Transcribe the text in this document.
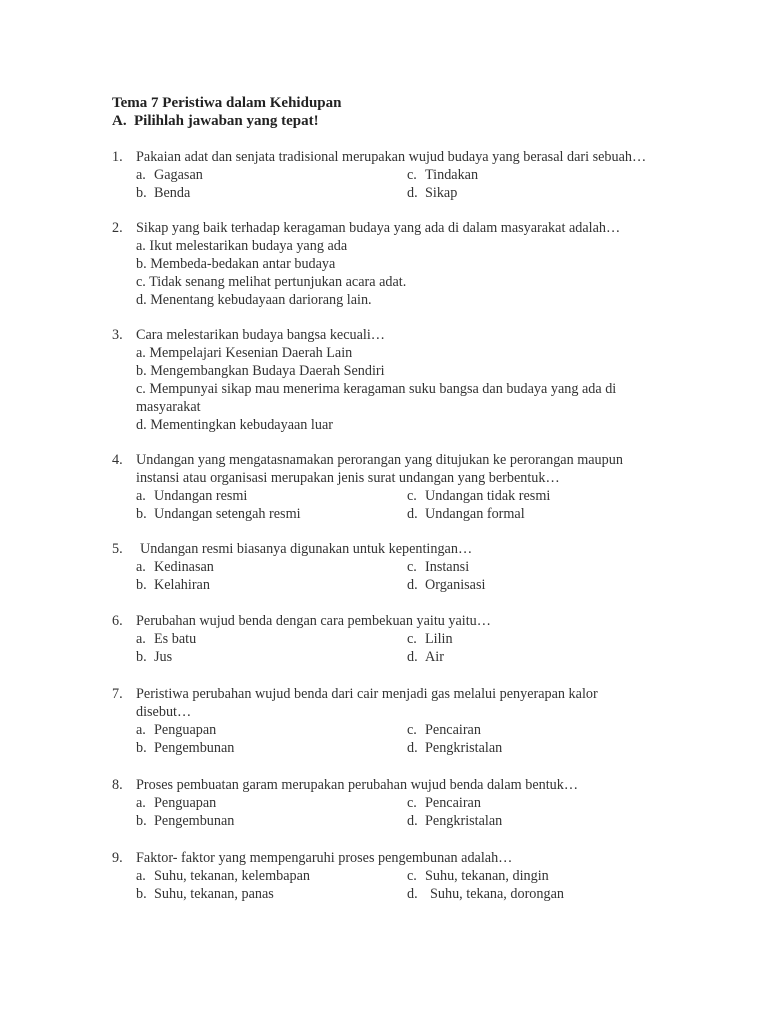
Tema 7 Peristiwa dalam Kehidupan
A. Pilihlah jawaban yang tepat!
1. Pakaian adat dan senjata tradisional merupakan wujud budaya yang berasal dari sebuah…
a. Gagasan
b. Benda
c. Tindakan
d. Sikap
2. Sikap yang baik terhadap keragaman budaya yang ada di dalam masyarakat adalah…
a. Ikut melestarikan budaya yang ada
b. Membeda-bedakan antar budaya
c. Tidak senang melihat pertunjukan acara adat.
d. Menentang kebudayaan dariorang lain.
3. Cara melestarikan budaya bangsa kecuali…
a. Mempelajari Kesenian Daerah Lain
b. Mengembangkan Budaya Daerah Sendiri
c. Mempunyai sikap mau menerima keragaman suku bangsa dan budaya yang ada di masyarakat
d. Mementingkan kebudayaan luar
4. Undangan yang mengatasnamakan perorangan yang ditujukan ke perorangan maupun
instansi atau organisasi merupakan jenis surat undangan yang berbentuk…
a. Undangan resmi
b. Undangan setengah resmi
c. Undangan tidak resmi
d. Undangan formal
5. Undangan resmi biasanya digunakan untuk kepentingan…
a. Kedinasan
b. Kelahiran
c. Instansi
d. Organisasi
6. Perubahan wujud benda dengan cara pembekuan yaitu yaitu…
a. Es batu
b. Jus
c. Lilin
d. Air
7. Peristiwa perubahan wujud benda dari cair menjadi gas melalui penyerapan kalor
disebut…
a. Penguapan
b. Pengembunan
c. Pencairan
d. Pengkristalan
8. Proses pembuatan garam merupakan perubahan wujud benda dalam bentuk…
a. Penguapan
b. Pengembunan
c. Pencairan
d. Pengkristalan
9. Faktor- faktor yang mempengaruhi proses pengembunan adalah…
a. Suhu, tekanan, kelembapan
b. Suhu, tekanan, panas
c. Suhu, tekanan, dingin
d. Suhu, tekana, dorongan
